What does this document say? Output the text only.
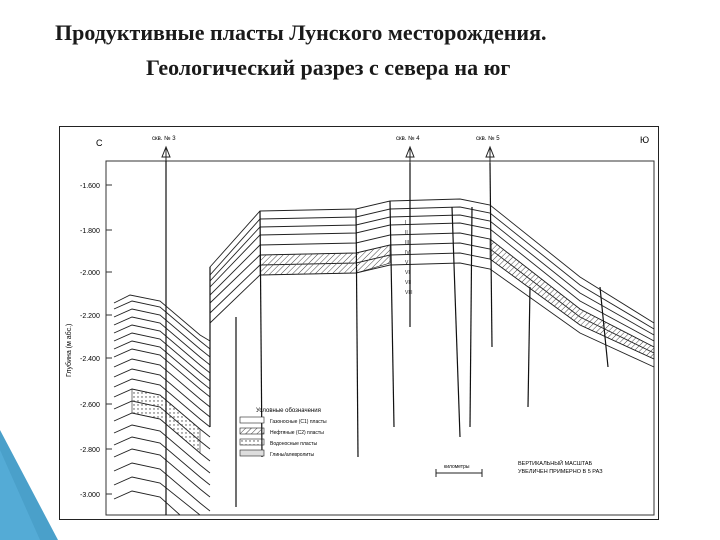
Продуктивные пласты Лунского месторождения.
Геологический разрез с севера на юг
С	Ю
-1.600
-1.800
-2.000
-2.200
-2.400
-2.600
-2.800
-3.000
Глубина (м абс.)
скв. № 3	скв. № 4	скв. № 5
I
II
III
IV
V
VI
VII
VIII
Условные обозначения
Газоносные (C1) пласты
Нефтяные (C2) пласты
Водоносные пласты
Глины/алевролиты
километры	ВЕРТИКАЛЬНЫЙ МАСШТАБ
УВЕЛИЧЕН ПРИМЕРНО В 5 РАЗ
